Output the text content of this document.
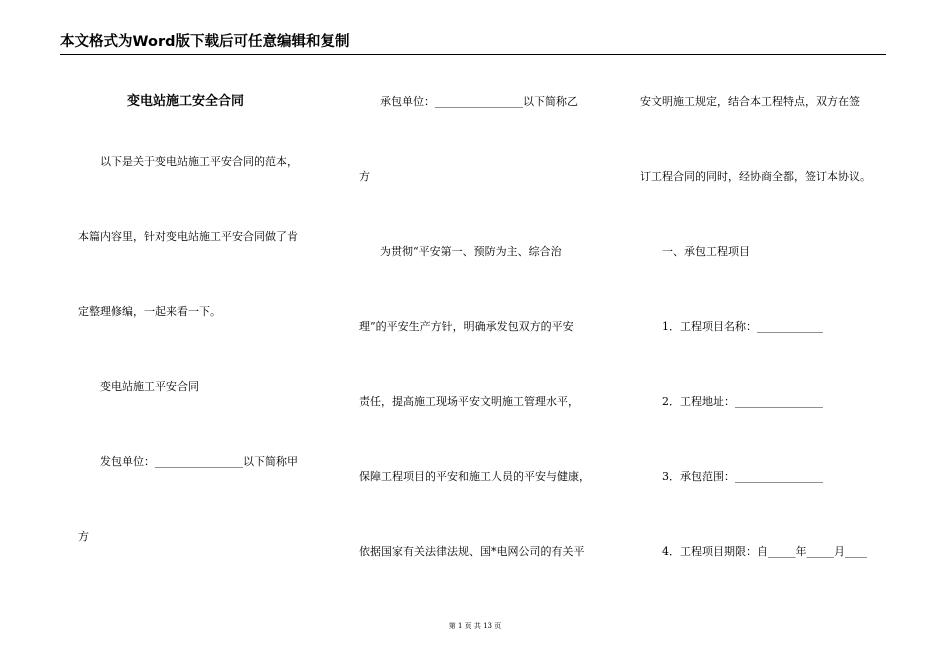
本文格式为Word版下载后可任意编辑和复制
变电站施工安全合同
以下是关于变电站施工平安合同的范本，
本篇内容里，针对变电站施工平安合同做了肯
定整理修编，一起来看一下。
变电站施工平安合同
发包单位：________________以下简称甲
方
承包单位：________________以下简称乙
方
为贯彻“平安第一、预防为主、综合治
理”的平安生产方针，明确承发包双方的平安
责任，提高施工现场平安文明施工管理水平，
保障工程项目的平安和施工人员的平安与健康，
依据国家有关法律法规、国*电网公司的有关平
安文明施工规定，结合本工程特点，双方在签
订工程合同的同时，经协商全都，签订本协议。
一、承包工程项目
1．工程项目名称：____________
2．工程地址：________________
3．承包范围：________________
4．工程项目期限：自_____年_____月____
第 1 页 共 13 页
